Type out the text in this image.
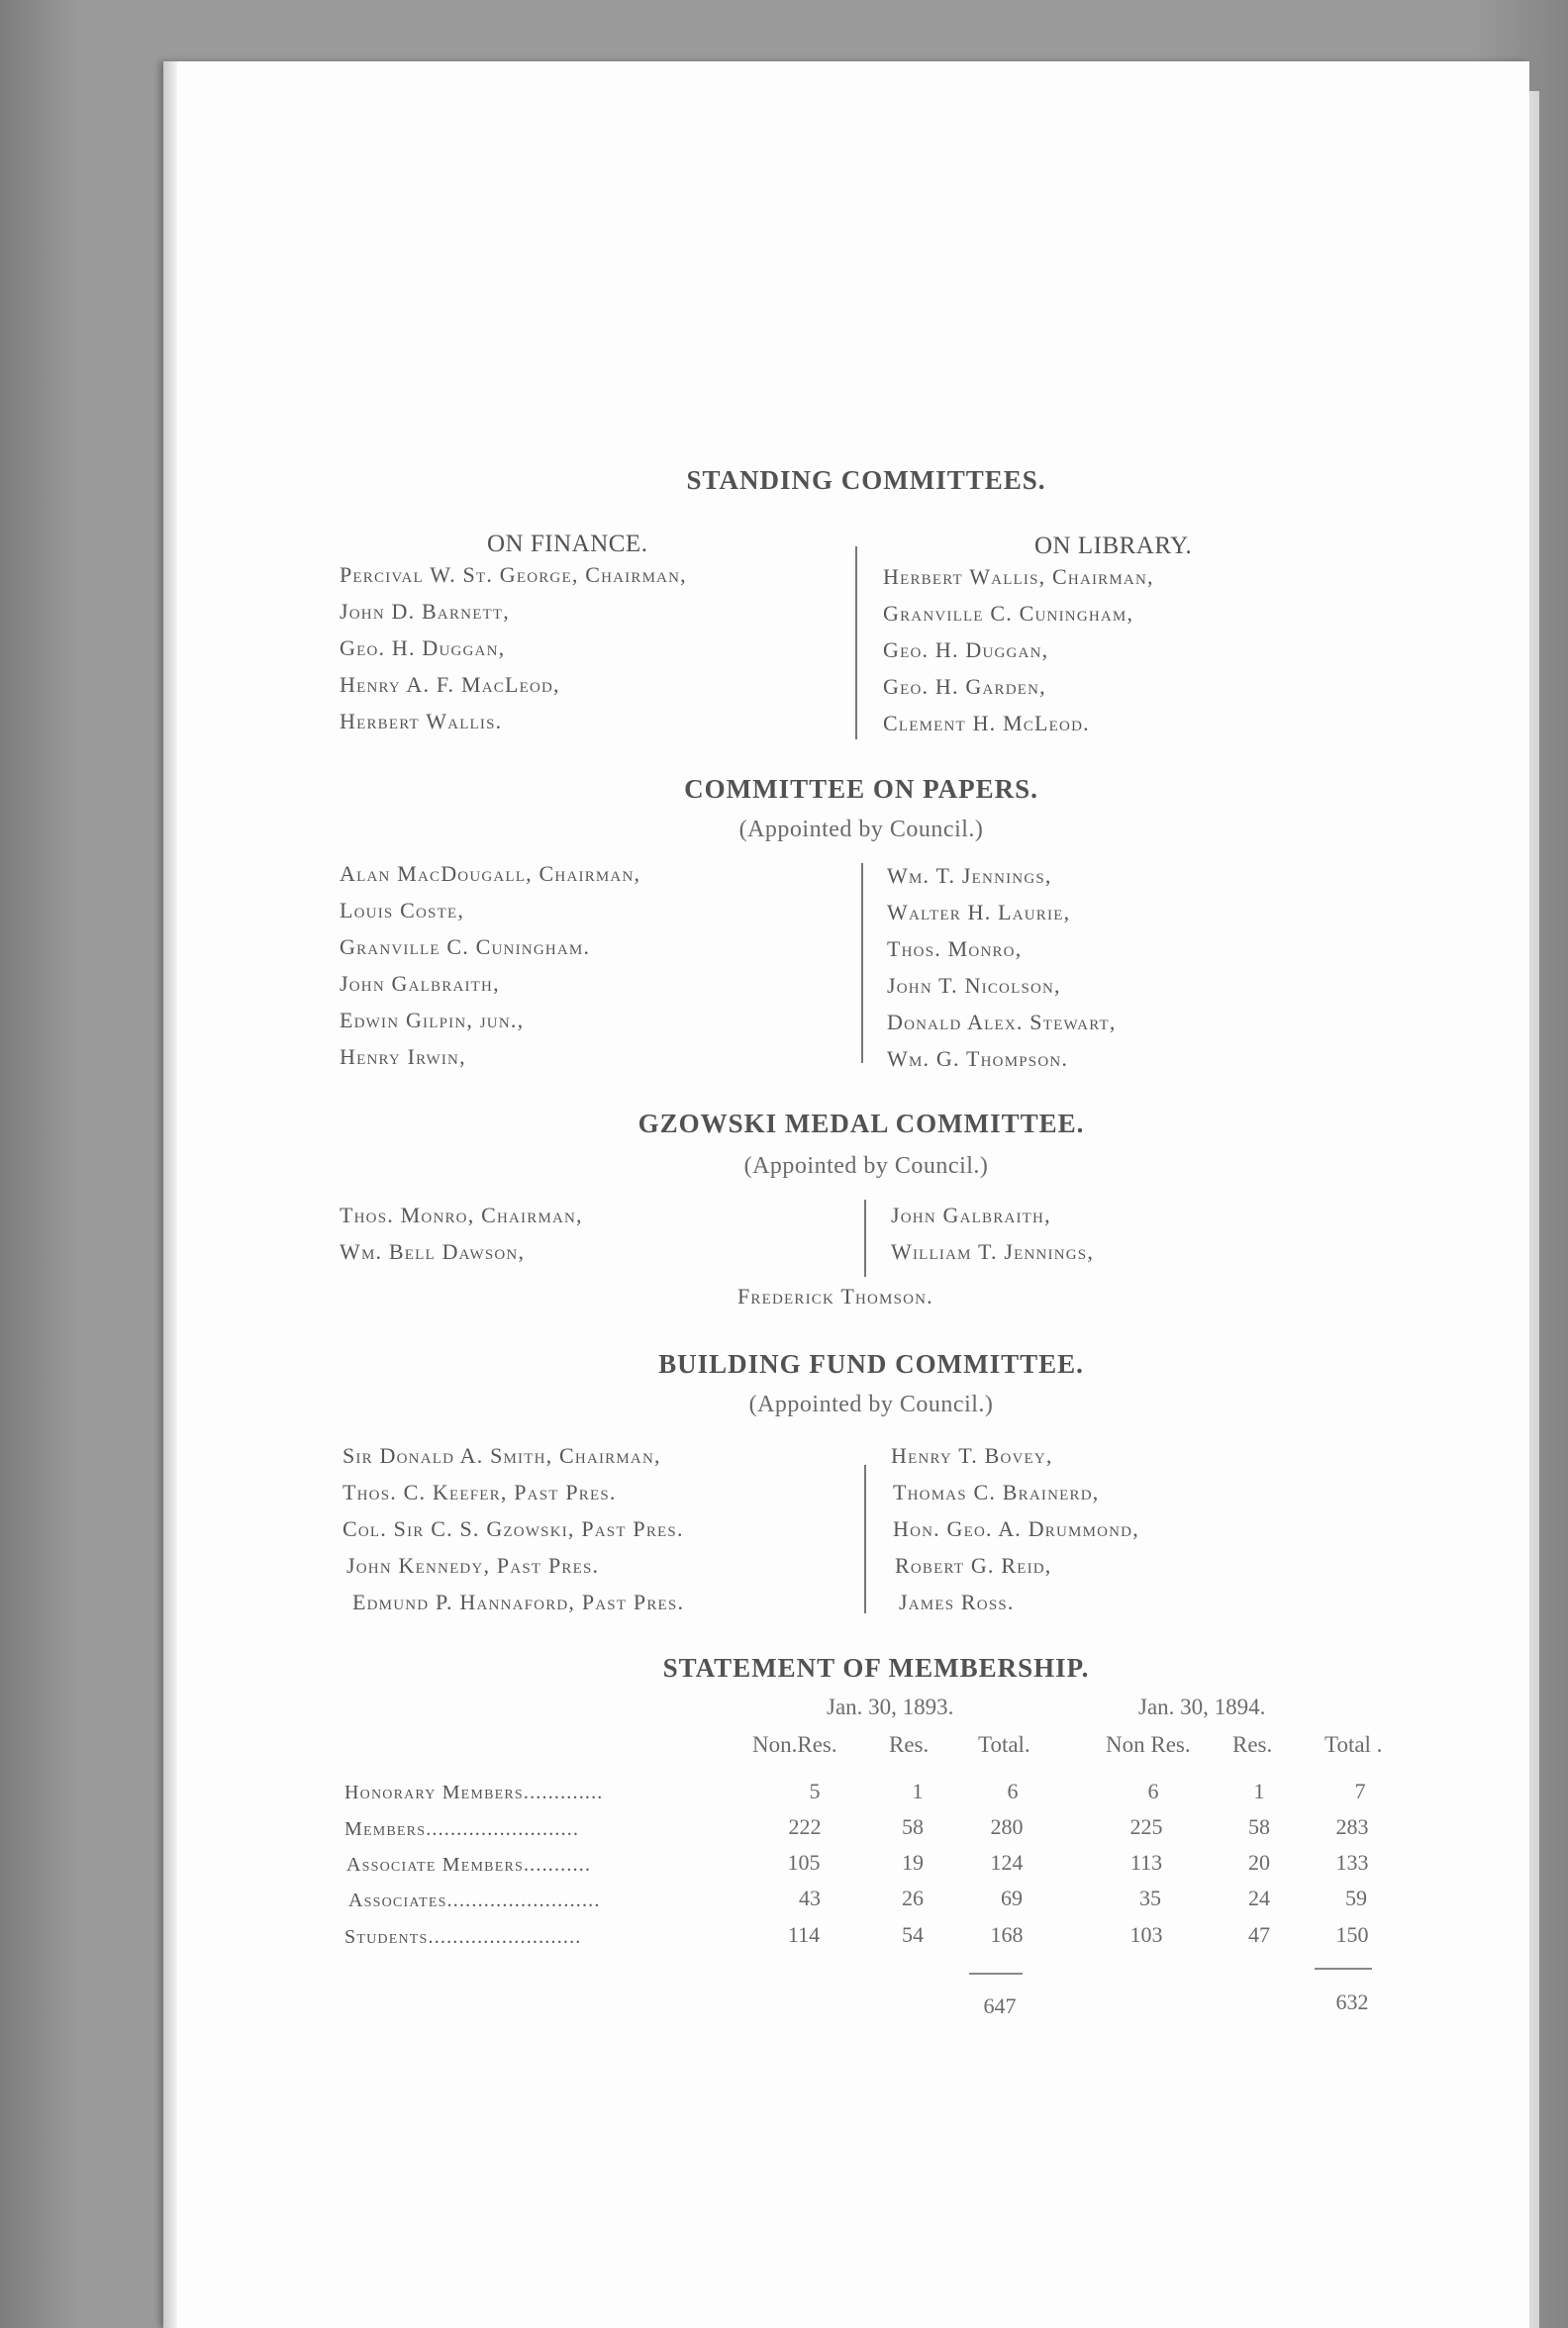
STANDING COMMITTEES.
ON FINANCE.	ON LIBRARY.
Percival W. St. George, Chairman,
John D. Barnett,
Geo. H. Duggan,
Henry A. F. MacLeod,
Herbert Wallis.
Herbert Wallis, Chairman,
Granville C. Cuningham,
Geo. H. Duggan,
Geo. H. Garden,
Clement H. McLeod.
COMMITTEE ON PAPERS.
(Appointed by Council.)
Alan MacDougall, Chairman,
Louis Coste,
Granville C. Cuningham.
John Galbraith,
Edwin Gilpin, jun.,
Henry Irwin,
Wm. T. Jennings,
Walter H. Laurie,
Thos. Monro,
John T. Nicolson,
Donald Alex. Stewart,
Wm. G. Thompson.
GZOWSKI MEDAL COMMITTEE.
(Appointed by Council.)
Thos. Monro, Chairman,
Wm. Bell Dawson,
John Galbraith,
William T. Jennings,
Frederick Thomson.
BUILDING FUND COMMITTEE.
(Appointed by Council.)
Sir Donald A. Smith, Chairman,
Thos. C. Keefer, Past Pres.
Col. Sir C. S. Gzowski, Past Pres.
John Kennedy, Past Pres.
Edmund P. Hannaford, Past Pres.
Henry T. Bovey,
Thomas C. Brainerd,
Hon. Geo. A. Drummond,
Robert G. Reid,
James Ross.
STATEMENT OF MEMBERSHIP.
Jan. 30, 1893.	Jan. 30, 1894.
Non.Res. Res. Total.	Non Res. Res. Total .
Honorary Members.............	5	1	6	6	1	7
Members.........................	222	58	280	225	58	283
Associate Members...........	105	19	124	113	20	133
Associates.........................	43	26	69	35	24	59
Students.........................	114	54	168	103	47	150
647	632
